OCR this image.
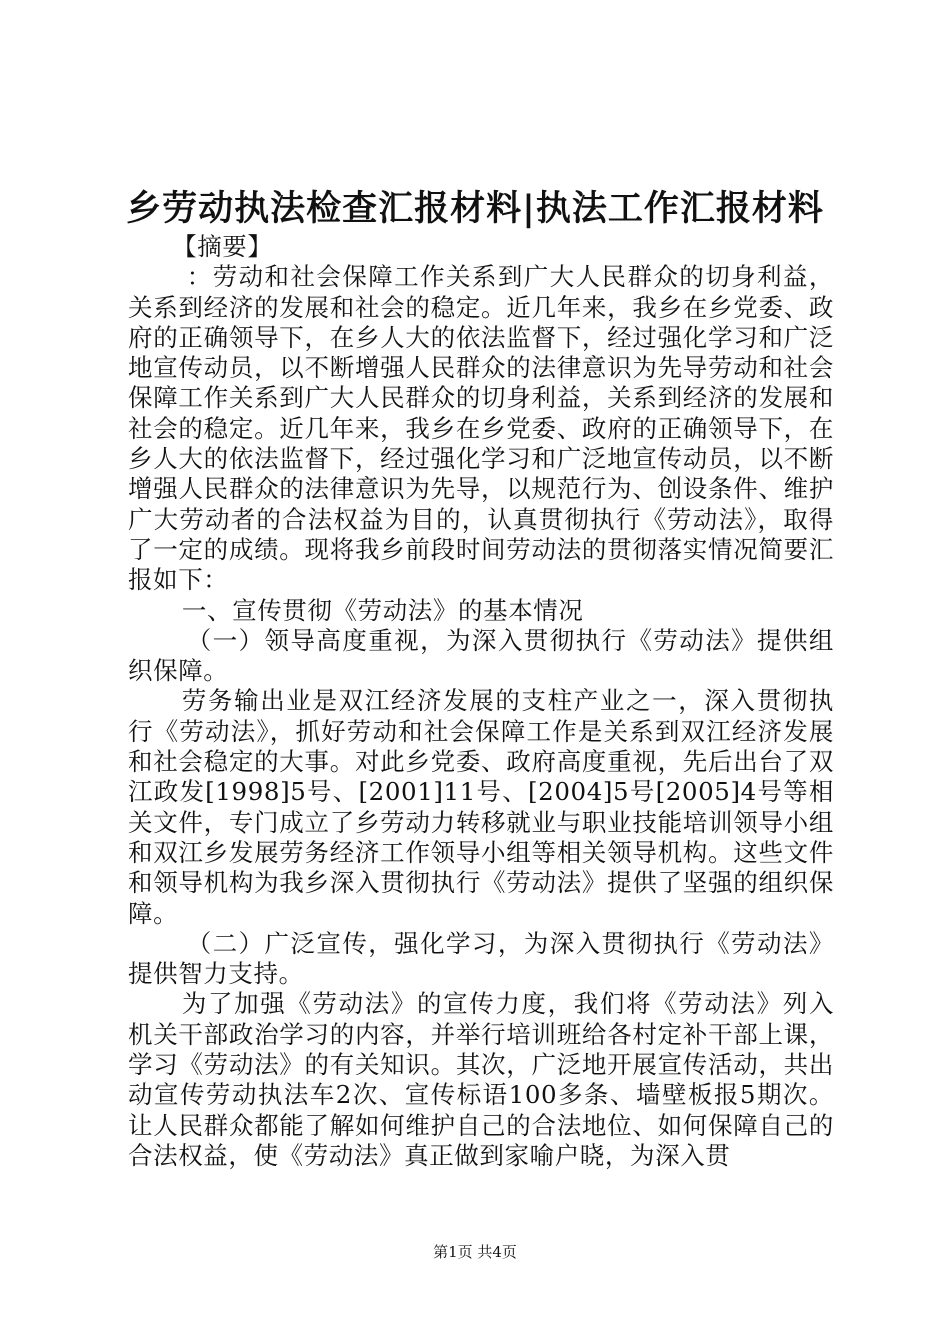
乡劳动执法检查汇报材料|执法工作汇报材料

【摘要】

：劳动和社会保障工作关系到广大人民群众的切身利益，关系到经济的发展和社会的稳定。近几年来，我乡在乡党委、政府的正确领导下，在乡人大的依法监督下，经过强化学习和广泛地宣传动员，以不断增强人民群众的法律意识为先导劳动和社会保障工作关系到广大人民群众的切身利益，关系到经济的发展和社会的稳定。近几年来，我乡在乡党委、政府的正确领导下，在乡人大的依法监督下，经过强化学习和广泛地宣传动员，以不断增强人民群众的法律意识为先导，以规范行为、创设条件、维护广大劳动者的合法权益为目的，认真贯彻执行《劳动法》，取得了一定的成绩。现将我乡前段时间劳动法的贯彻落实情况简要汇报如下：

一、宣传贯彻《劳动法》的基本情况

（一）领导高度重视，为深入贯彻执行《劳动法》提供组织保障。

劳务输出业是双江经济发展的支柱产业之一，深入贯彻执行《劳动法》，抓好劳动和社会保障工作是关系到双江经济发展和社会稳定的大事。对此乡党委、政府高度重视，先后出台了双江政发[1998]5号、[2001]11号、[2004]5号[2005]4号等相关文件，专门成立了乡劳动力转移就业与职业技能培训领导小组和双江乡发展劳务经济工作领导小组等相关领导机构。这些文件和领导机构为我乡深入贯彻执行《劳动法》提供了坚强的组织保障。

（二）广泛宣传，强化学习，为深入贯彻执行《劳动法》提供智力支持。

为了加强《劳动法》的宣传力度，我们将《劳动法》列入机关干部政治学习的内容，并举行培训班给各村定补干部上课，学习《劳动法》的有关知识。其次，广泛地开展宣传活动，共出动宣传劳动执法车2次、宣传标语100多条、墙壁板报5期次。让人民群众都能了解如何维护自己的合法地位、如何保障自己的合法权益，使《劳动法》真正做到家喻户晓，为深入贯

第1页 共4页
